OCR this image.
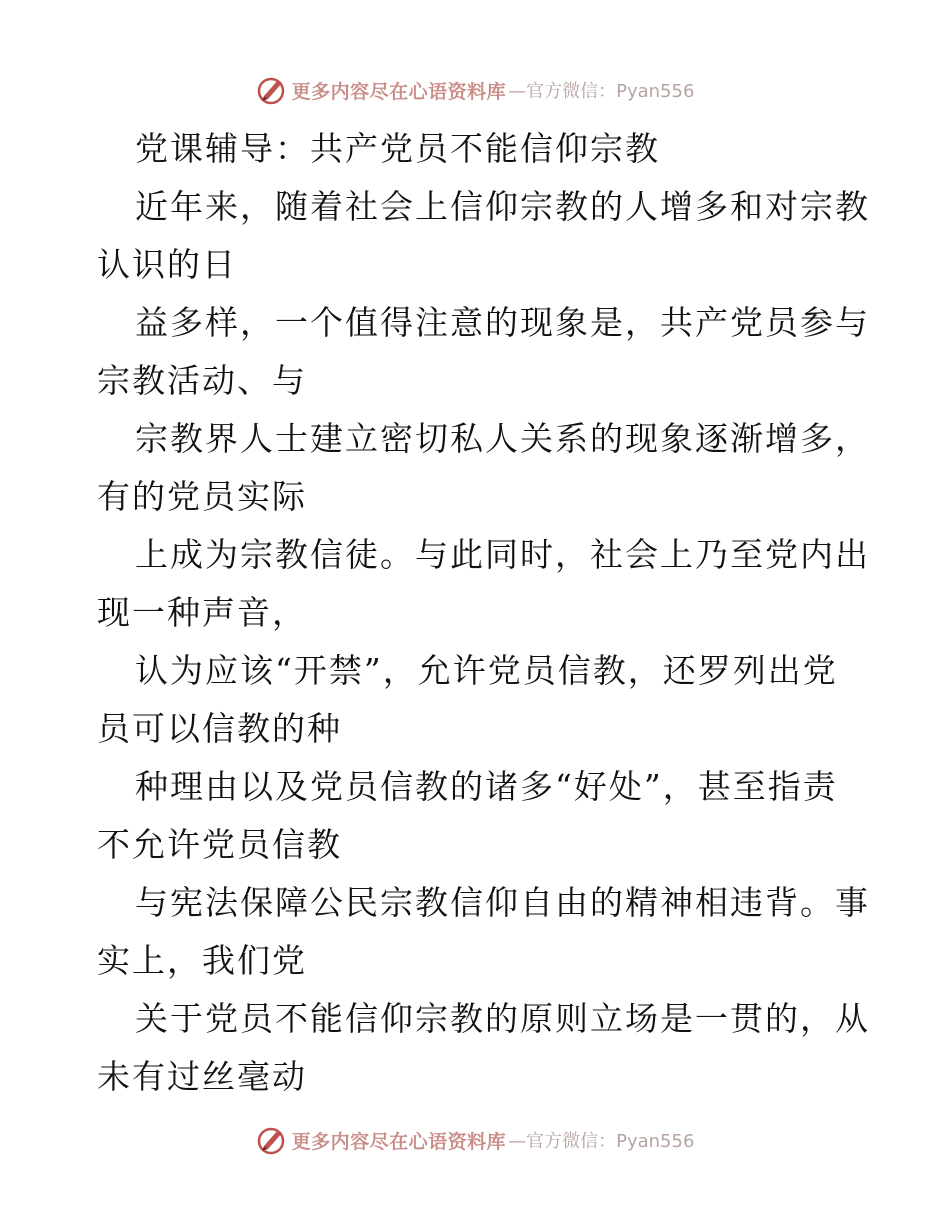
更多内容尽在心语资料库 —官方微信：Pyan556
党课辅导：共产党员不能信仰宗教
近年来，随着社会上信仰宗教的人增多和对宗教
认识的日
益多样，一个值得注意的现象是，共产党员参与
宗教活动、与
宗教界人士建立密切私人关系的现象逐渐增多，
有的党员实际
上成为宗教信徒。与此同时，社会上乃至党内出
现一种声音，
认为应该“开禁”，允许党员信教，还罗列出党
员可以信教的种
种理由以及党员信教的诸多“好处”，甚至指责
不允许党员信教
与宪法保障公民宗教信仰自由的精神相违背。事
实上，我们党
关于党员不能信仰宗教的原则立场是一贯的，从
未有过丝毫动
更多内容尽在心语资料库 —官方微信：Pyan556
